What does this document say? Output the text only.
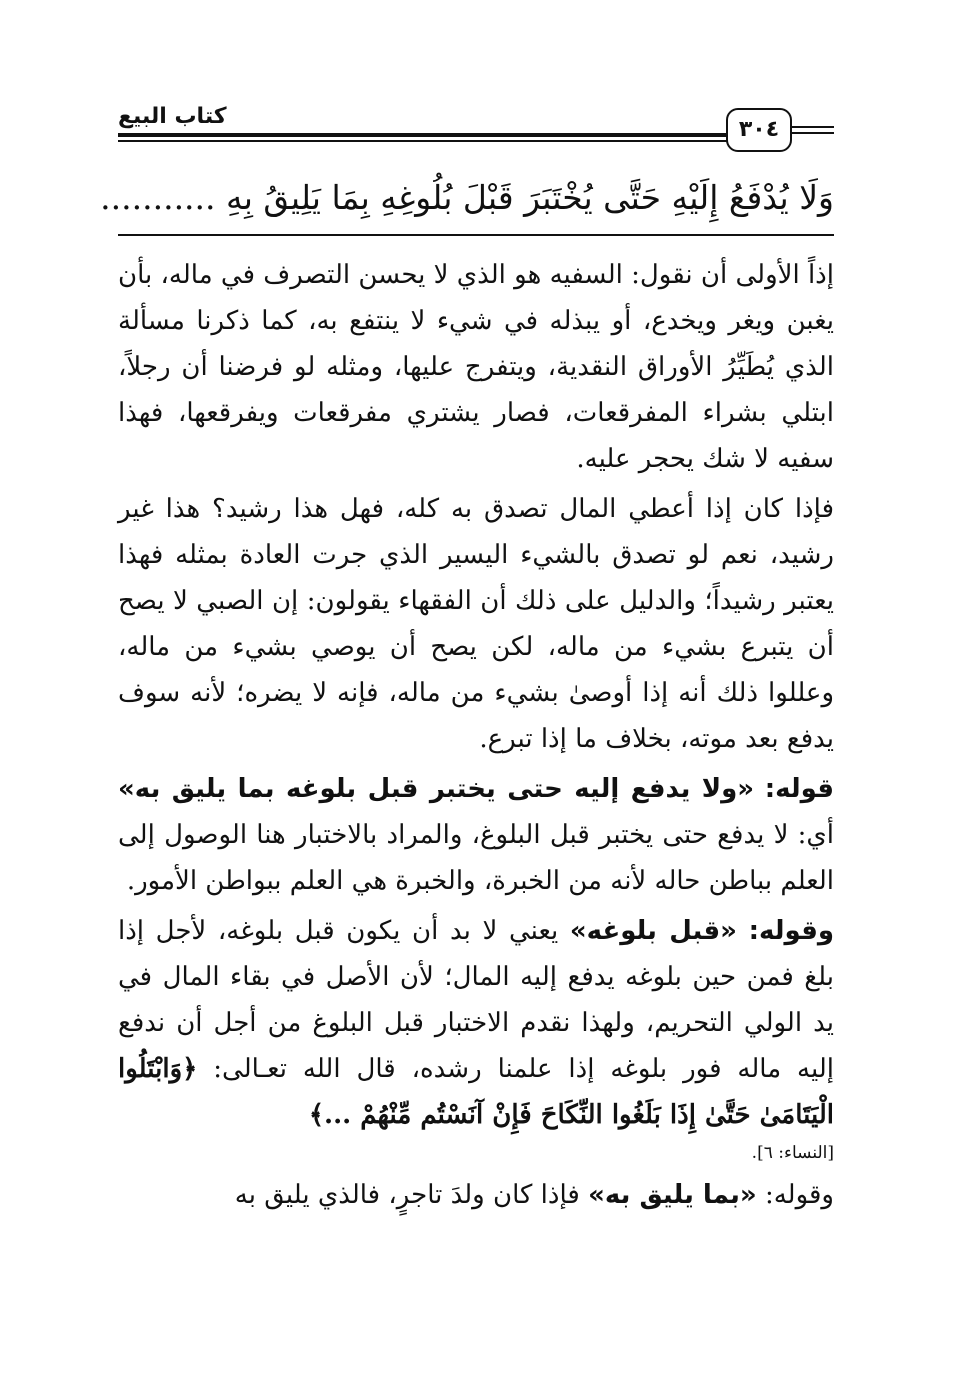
كتاب البيع
٣٠٤
وَلَا يُدْفَعُ إِلَيْهِ حَتَّى يُخْتَبَرَ قَبْلَ بُلُوغِهِ بِمَا يَلِيقُ بِهِ ...........

إذاً الأولى أن نقول: السفيه هو الذي لا يحسن التصرف في ماله، بأن يغبن ويغر ويخدع، أو يبذله في شيء لا ينتفع به، كما ذكرنا مسألة الذي يُطَيِّرُ الأوراق النقدية، ويتفرج عليها، ومثله لو فرضنا أن رجلاً، ابتلي بشراء المفرقعات، فصار يشتري مفرقعات ويفرقعها، فهذا سفيه لا شك يحجر عليه.

فإذا كان إذا أعطي المال تصدق به كله، فهل هذا رشيد؟ هذا غير رشيد، نعم لو تصدق بالشيء اليسير الذي جرت العادة بمثله فهذا يعتبر رشيداً؛ والدليل على ذلك أن الفقهاء يقولون: إن الصبي لا يصح أن يتبرع بشيء من ماله، لكن يصح أن يوصي بشيء من ماله، وعللوا ذلك أنه إذا أوصىٰ بشيء من ماله، فإنه لا يضره؛ لأنه سوف يدفع بعد موته، بخلاف ما إذا تبرع.

قوله: «ولا يدفع إليه حتى يختبر قبل بلوغه بما يليق به» أي: لا يدفع حتى يختبر قبل البلوغ، والمراد بالاختبار هنا الوصول إلى العلم بباطن حاله لأنه من الخبرة، والخبرة هي العلم ببواطن الأمور.

وقوله: «قبل بلوغه» يعني لا بد أن يكون قبل بلوغه، لأجل إذا بلغ فمن حين بلوغه يدفع إليه المال؛ لأن الأصل في بقاء المال في يد الولي التحريم، ولهذا نقدم الاختبار قبل البلوغ من أجل أن ندفع إليه ماله فور بلوغه إذا علمنا رشده، قال الله تعـالى: ﴿وَابْتَلُوا الْيَتَامَىٰ حَتَّىٰ إِذَا بَلَغُوا النِّكَاحَ فَإِنْ آنَسْتُم مِّنْهُمْ ...﴾

[النساء: ٦].

وقوله: «بما يليق به» فإذا كان ولدَ تاجرٍ، فالذي يليق به
